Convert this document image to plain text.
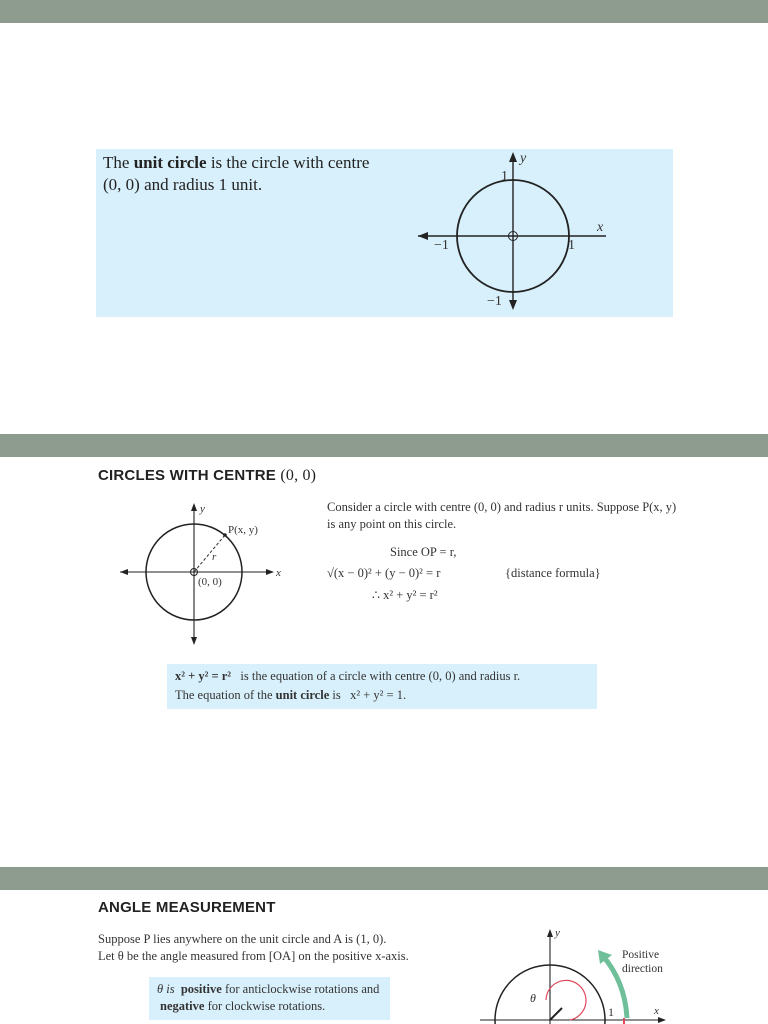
The unit circle is the circle with centre (0, 0) and radius 1 unit.
y
x
1
−1
−1	1
CIRCLES WITH CENTRE (0, 0)
y
x
P(x, y)
r
(0, 0)
Consider a circle with centre (0, 0) and radius r units. Suppose P(x, y) is any point on this circle.
Since OP = r,
√(x − 0)² + (y − 0)² = r	{distance formula}
∴ x² + y² = r²
x² + y² = r² is the equation of a circle with centre (0, 0) and radius r.
The equation of the unit circle is x² + y² = 1.
ANGLE MEASUREMENT
Suppose P lies anywhere on the unit circle and A is (1, 0).
Let θ be the angle measured from [OA] on the positive x-axis.
θ is positive for anticlockwise rotations and
negative for clockwise rotations.
y
x
θ
1
Positive
direction
